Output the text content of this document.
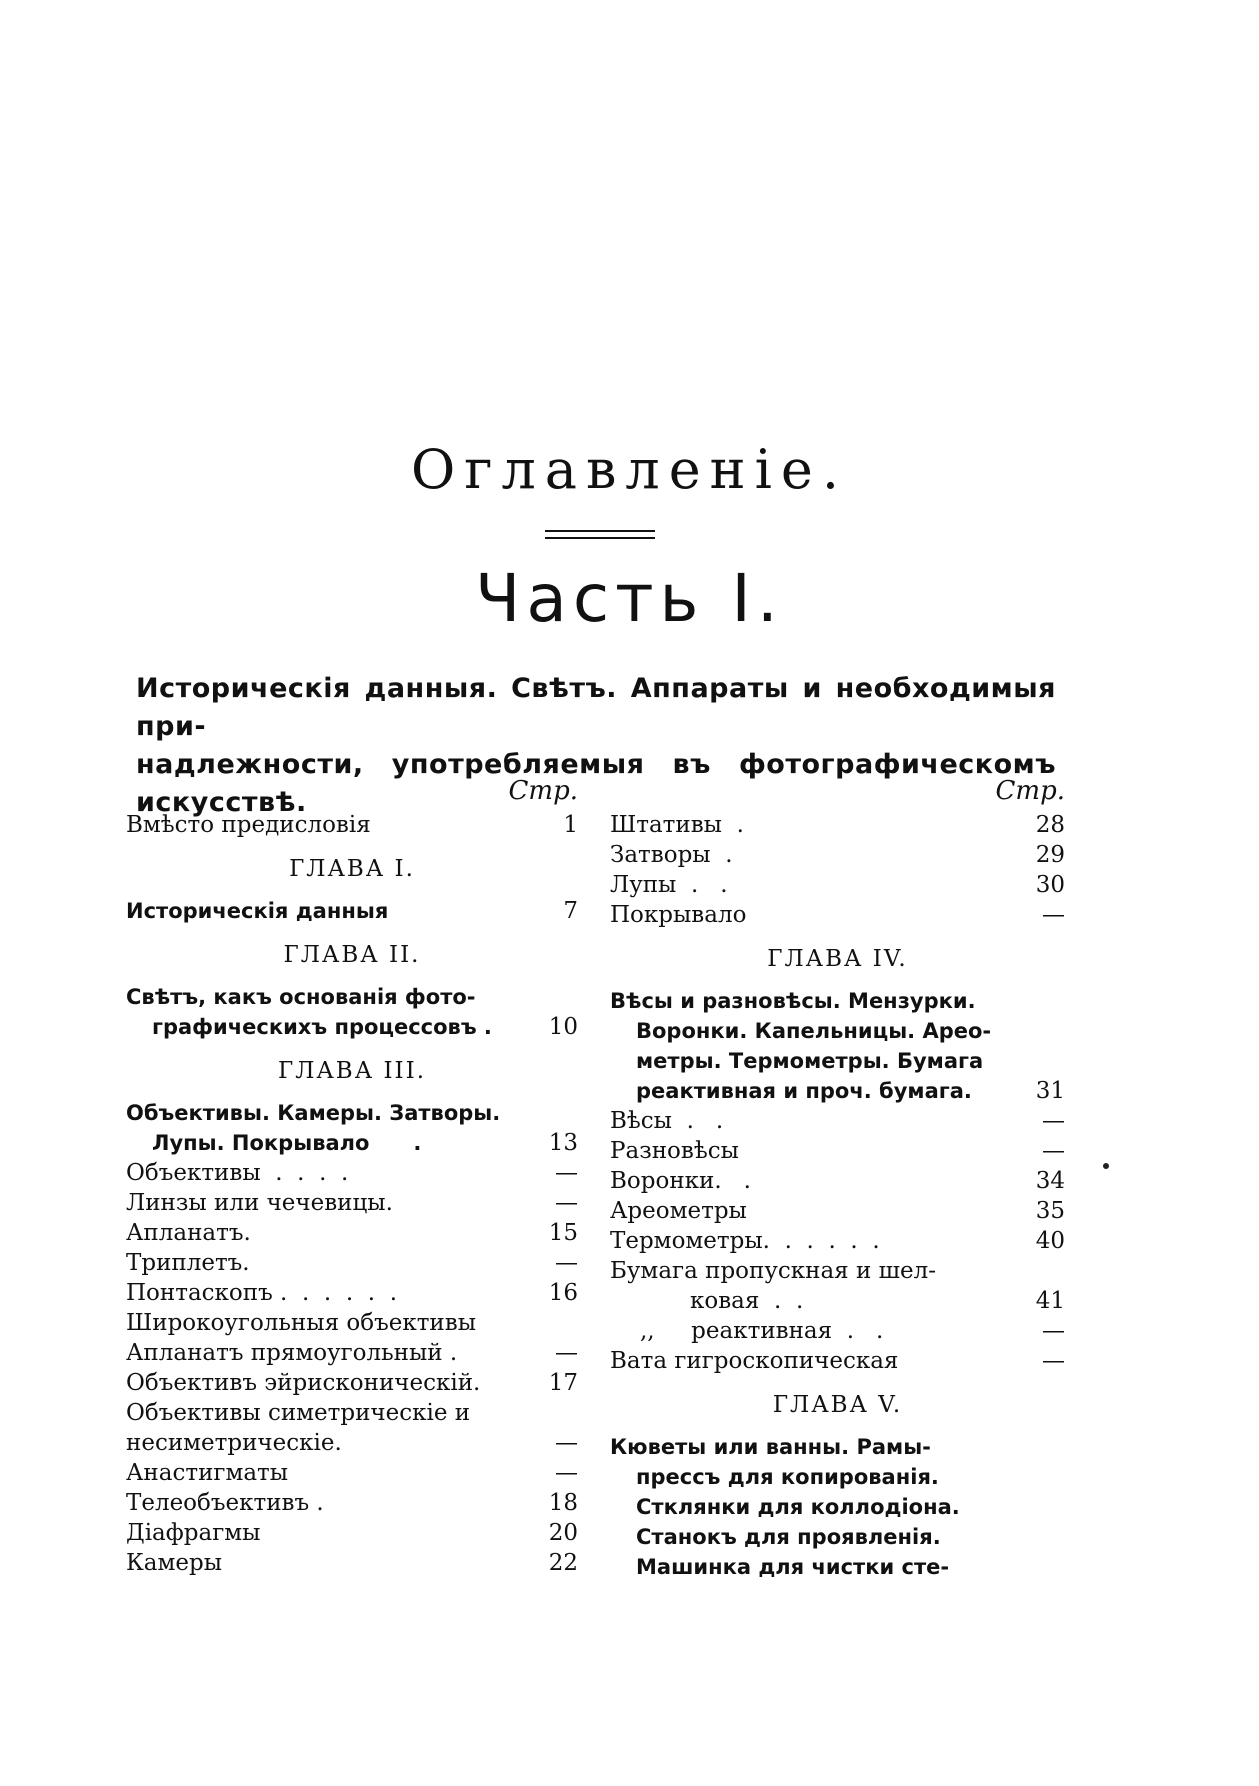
Оглавленіе.
Часть I.
Историческія данныя. Свѣтъ. Аппараты и необходимыя при-
надлежности, употребляемыя въ фотографическомъ искусствѣ.	Стр.
Вмѣсто предисловія	1
ГЛАВА I.
Историческія данныя	7
ГЛАВА II.
Свѣтъ, какъ основанія фото-
графическихъ процессовъ .	10
ГЛАВА III.
Объективы. Камеры. Затворы.
Лупы. Покрывало      .	13
Объективы  .  .  .  .	—
Линзы или чечевицы.	—
Апланатъ.	15
Триплетъ.	—
Понтаскопъ .  .  .  .  .  .	16
Широкоугольныя объективы
Апланатъ прямоугольный .	—
Объективъ эйрисконическій.	17
Объективы симетрическіе и
несиметрическіе.	—
Анастигматы	—
Телеобъективъ .	18
Діафрагмы	20
Камеры	22
Стр.
Штативы  .	28
Затворы  .	29
Лупы  .   .	30
Покрывало	—
ГЛАВА IV.
Вѣсы и разновѣсы. Мензурки.
Воронки. Капельницы. Арео-
метры. Термометры. Бумага
реактивная и проч. бумага.	31
Вѣсы  .   .	—
Разновѣсы	—
Воронки.   .	34
Ареометры	35
Термометры.  .  .  .  .  .	40
Бумага пропускная и шел-
ковая  .  .	41
,,     реактивная  .   .	—
Вата гигроскопическая	—
ГЛАВА V.
Кюветы или ванны. Рамы-
прессъ для копированія.
Стклянки для коллодіона.
Станокъ для проявленія.
Машинка для чистки сте-
